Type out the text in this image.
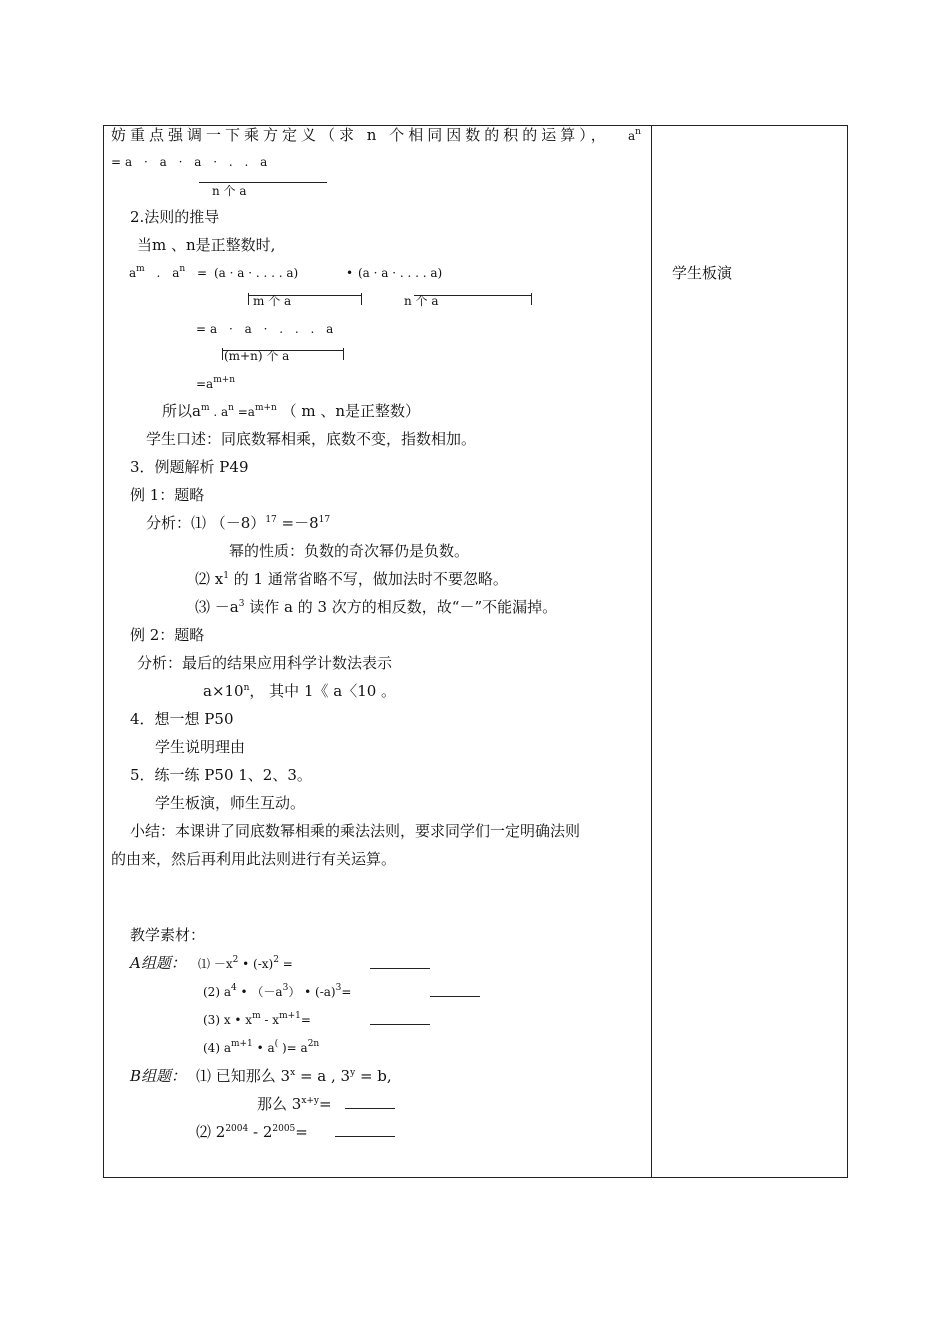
学生板演
妨重点强调一下乘方定义（求 n 个相同因数的积的运算）， $a^n$
=a · a · a · . . a
n 个 a
2.法则的推导
当m 、n是正整数时,
$a^m$ . $a^n = (a \cdot a$ · . . . . a)	• (a · a · . . . . a)
m 个 a	n 个 a
=a · a · . . . a
(m+n) 个 a
$=a^{m+n}$
所以$a^m$ . $a^n =a^{m+n}$ （ m 、n是正整数）
学生口述：同底数幂相乘，底数不变，指数相加。
3．例题解析 P49
例 1：题略
分析：⑴ $(-8)^{17} =-8^{17}$
幂的性质：负数的奇次幂仍是负数。
⑵ $x^1$ 的 1 通常省略不写，做加法时不要忽略。
⑶ $-a^3$ 读作 a 的 3 次方的相反数，故“－”不能漏掉。
例 2：题略
分析：最后的结果应用科学计数法表示
$a\times 10^n$， 其中 1《 a〈10 。
4．想一想 P50
学生说明理由
5．练一练 P50 1、2、3。
学生板演，师生互动。
小结：本课讲了同底数幂相乘的乘法法则，要求同学们一定明确法则
的由来，然后再利用此法则进行有关运算。
教学素材：
A组题： ⑴ $-x^2$ • $(-x)^2$ =
(2) $a^4$ • $(-a^3)$ • $(-a)^3=$
(3) x • $x^m - x^{m+1}=$
(4) $a^{m+1}$ • a( )= $a^{2n}$
B组题： ⑴ 已知那么 $3^x = a$ , $3^y = b$,
那么 $3^{x+y}=$
⑵ $2^{2004} - 2^{2005}=$
